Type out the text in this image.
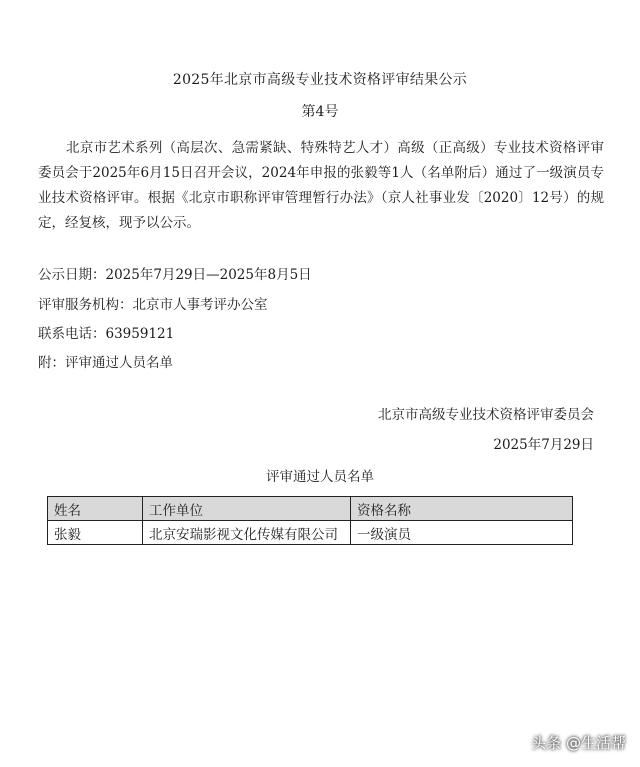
2025年北京市高级专业技术资格评审结果公示
第4号
北京市艺术系列（高层次、急需紧缺、特殊特艺人才）高级（正高级）专业技术资格评审委员会于2025年6月15日召开会议，2024年申报的张毅等1人（名单附后）通过了一级演员专业技术资格评审。根据《北京市职称评审管理暂行办法》（京人社事业发〔2020〕12号）的规定，经复核，现予以公示。
公示日期：2025年7月29日—2025年8月5日
评审服务机构：北京市人事考评办公室
联系电话：63959121
附：评审通过人员名单
北京市高级专业技术资格评审委员会
2025年7月29日
评审通过人员名单
姓名	工作单位	资格名称
张毅	北京安瑞影视文化传媒有限公司	一级演员
头条 @生活帮
